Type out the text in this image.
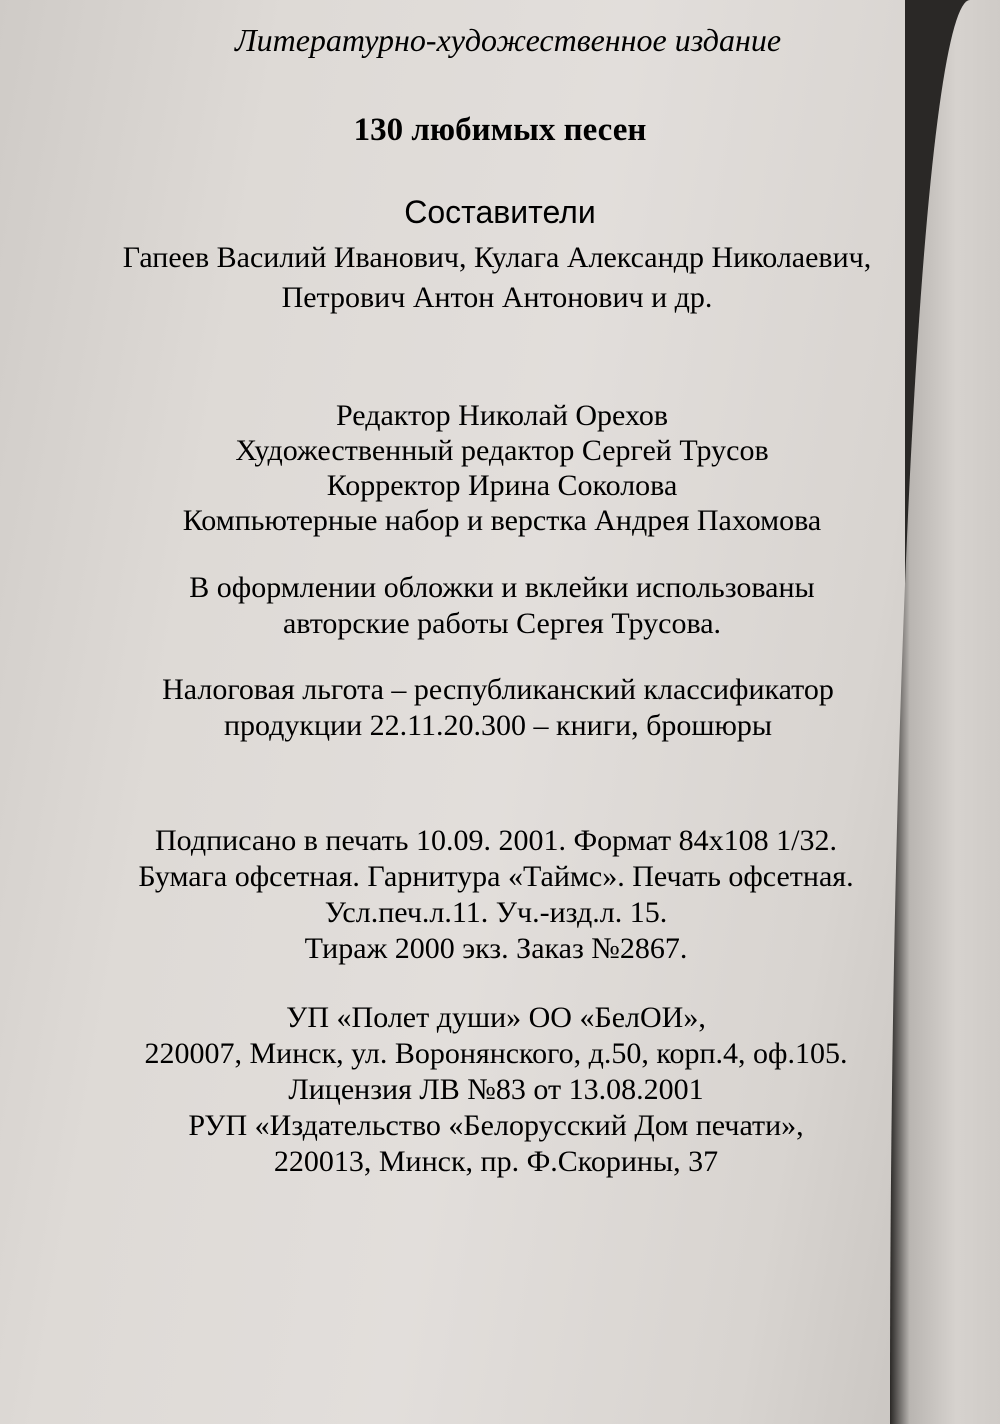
Литературно-художественное издание
130 любимых песен
Составители
Гапеев Василий Иванович, Кулага Александр Николаевич,
Петрович Антон Антонович и др.
Редактор Николай Орехов
Художественный редактор Сергей Трусов
Корректор Ирина Соколова
Компьютерные набор и верстка Андрея Пахомова
В оформлении обложки и вклейки использованы
авторские работы Сергея Трусова.
Налоговая льгота – республиканский классификатор
продукции 22.11.20.300 – книги, брошюры
Подписано в печать 10.09. 2001. Формат 84x108 1/32.
Бумага офсетная. Гарнитура «Таймс». Печать офсетная.
Усл.печ.л.11. Уч.-изд.л. 15.
Тираж 2000 экз. Заказ №2867.
УП «Полет души» ОО «БелОИ»,
220007, Минск, ул. Воронянского, д.50, корп.4, оф.105.
Лицензия ЛВ №83 от 13.08.2001
РУП «Издательство «Белорусский Дом печати»,
220013, Минск, пр. Ф.Скорины, 37
